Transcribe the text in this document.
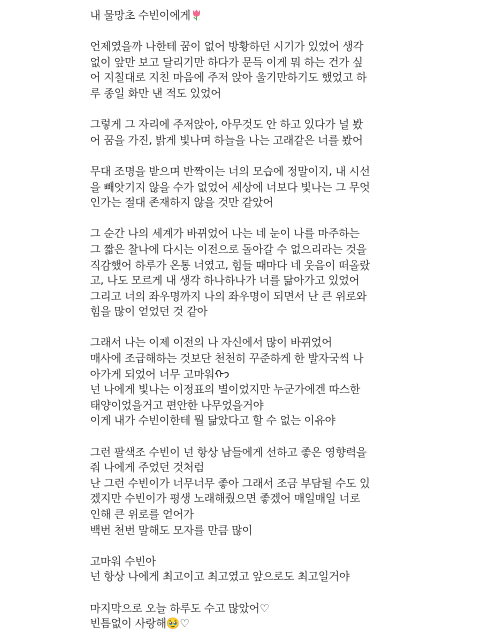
내 물망초 수빈이에게
언제였을까 나한테 꿈이 없어 방황하던 시기가 있었어 생각
없이 앞만 보고 달리기만 하다가 문득 이게 뭐 하는 건가 싶
어 지칠대로 지친 마음에 주저 앉아 울기만하기도 했었고 하
루 종일 화만 낸 적도 있었어
그렇게 그 자리에 주저앉아, 아무것도 안 하고 있다가 널 봤
어 꿈을 가진, 밝게 빛나며 하늘을 나는 고래같은 너를 봤어
무대 조명을 받으며 반짝이는 너의 모습에 정말이지, 내 시선
을 빼앗기지 않을 수가 없었어 세상에 너보다 빛나는 그 무엇
인가는 절대 존재하지 않을 것만 같았어
그 순간 나의 세계가 바뀌었어 나는 네 눈이 나를 마주하는
그 짧은 찰나에 다시는 이전으로 돌아갈 수 없으리라는 것을
직감했어 하루가 온통 너였고, 힘들 때마다 네 웃음이 떠올랐
고, 나도 모르게 내 생각 하나하나가 너를 닮아가고 있었어
그리고 너의 좌우명까지 나의 좌우명이 되면서 난 큰 위로와
힘을 많이 얻었던 것 같아
그래서 나는 이제 이전의 나 자신에서 많이 바뀌었어
매사에 조급해하는 것보단 천천히 꾸준하게 한 발자국씩 나
아가게 되었어 너무 고마워ᡣ𐭩
넌 나에게 빛나는 이정표의 별이었지만 누군가에겐 따스한
태양이었을거고 편안한 나무었을거야
이게 내가 수빈이한테 뭘 닮았다고 할 수 없는 이유야
그런 팔색조 수빈이 넌 항상 남들에게 선하고 좋은 영향력을
줘 나에게 주었던 것처럼
난 그런 수빈이가 너무너무 좋아 그래서 조금 부담될 수도 있
겠지만 수빈이가 평생 노래해줬으면 좋겠어 매일매일 너로
인해 큰 위로를 얻어가
백번 천번 말해도 모자를 만큼 많이
고마워 수빈아
넌 항상 나에게 최고이고 최고였고 앞으로도 최고일거야
마지막으로 오늘 하루도 수고 많았어♡
빈틈없이 사랑해🥹♡
